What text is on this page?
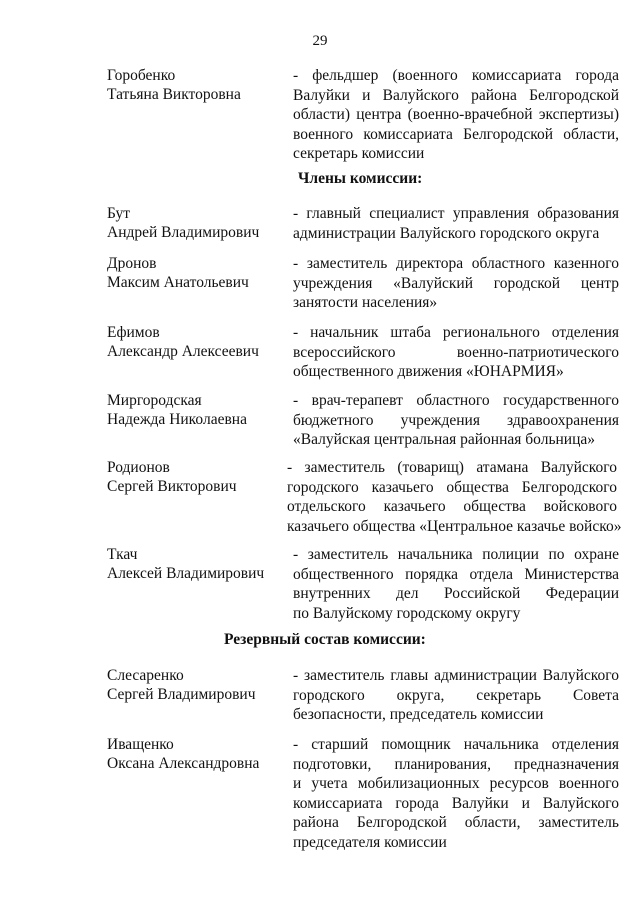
29
Горобенко
Татьяна Викторовна
- фельдшер (военного комиссариата города
Валуйки и Валуйского района Белгородской
области) центра (военно-врачебной экспертизы)
военного комиссариата Белгородской области,
секретарь комиссии
Члены комиссии:
Бут
Андрей Владимирович
- главный специалист управления образования
администрации Валуйского городского округа
Дронов
Максим Анатольевич
- заместитель директора областного казенного
учреждения «Валуйский городской центр
занятости населения»
Ефимов
Александр Алексеевич
- начальник штаба регионального отделения
всероссийского военно-патриотического
общественного движения «ЮНАРМИЯ»
Миргородская
Надежда Николаевна
- врач-терапевт областного государственного
бюджетного учреждения здравоохранения
«Валуйская центральная районная больница»
Родионов
Сергей Викторович
- заместитель (товарищ) атамана Валуйского
городского казачьего общества Белгородского
отдельского казачьего общества войскового
казачьего общества «Центральное казачье войско»
Ткач
Алексей Владимирович
- заместитель начальника полиции по охране
общественного порядка отдела Министерства
внутренних дел Российской Федерации
по Валуйскому городскому округу
Резервный состав комиссии:
Слесаренко
Сергей Владимирович
- заместитель главы администрации Валуйского
городского округа, секретарь Совета
безопасности, председатель комиссии
Иващенко
Оксана Александровна
- старший помощник начальника отделения
подготовки, планирования, предназначения
и учета мобилизационных ресурсов военного
комиссариата города Валуйки и Валуйского
района Белгородской области, заместитель
председателя комиссии
